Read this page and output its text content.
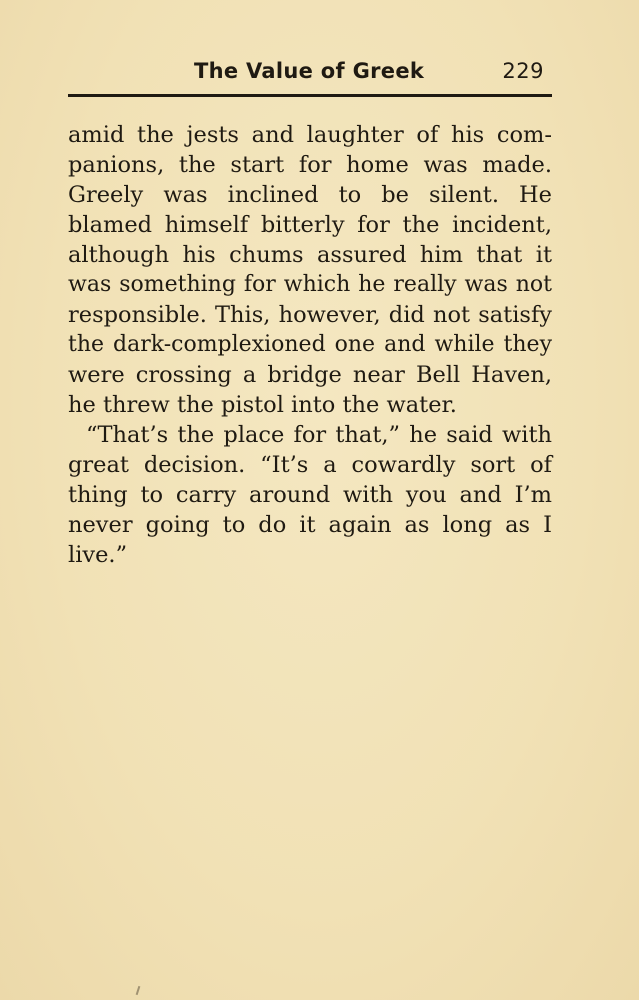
The Value of Greek	229
amid the jests and laughter of his com-
panions, the start for home was made.
Greely was inclined to be silent. He
blamed himself bitterly for the incident,
although his chums assured him that it
was something for which he really was not
responsible. This, however, did not satisfy
the dark-complexioned one and while they
were crossing a bridge near Bell Haven,
he threw the pistol into the water.
“That’s the place for that,” he said with
great decision. “It’s a cowardly sort of
thing to carry around with you and I’m
never going to do it again as long as I
live.”
